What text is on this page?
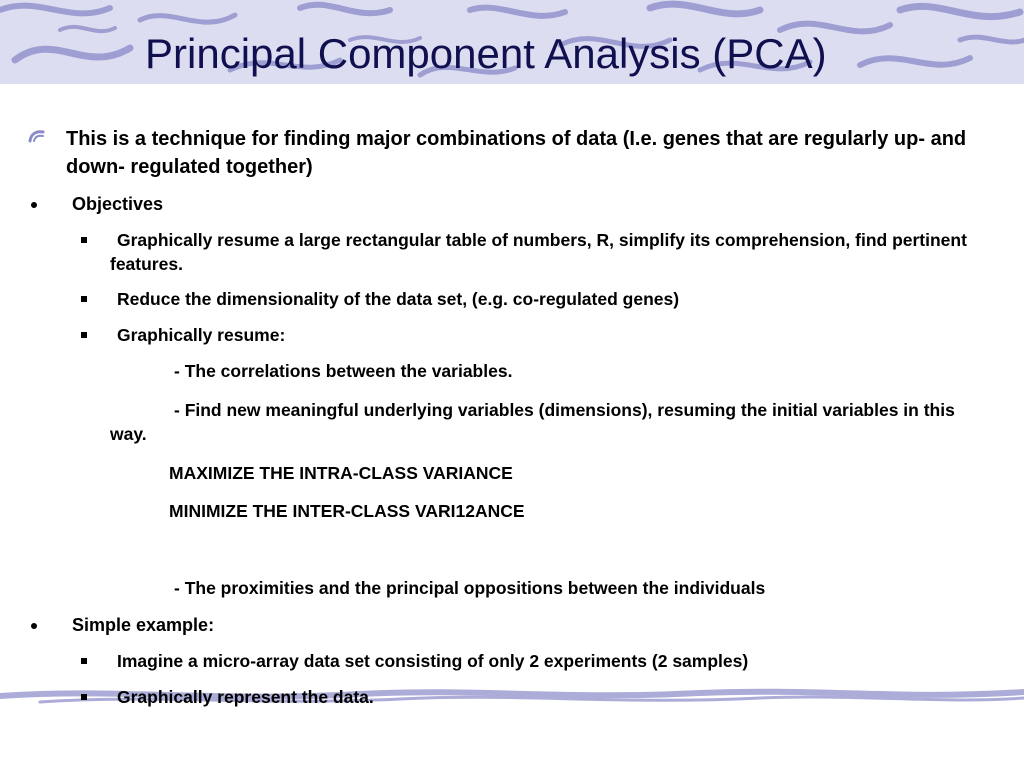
Principal Component Analysis (PCA)

This is a technique for finding major combinations of data (I.e. genes that are regularly up- and down- regulated together)

Objectives

Graphically resume a large rectangular table of numbers, R, simplify its comprehension, find pertinent features.

Reduce the dimensionality of the data set, (e.g. co-regulated genes)

Graphically resume:

- The correlations between the variables.

- Find new meaningful underlying variables (dimensions), resuming the initial variables in this way.

MAXIMIZE THE INTRA-CLASS VARIANCE

MINIMIZE THE INTER-CLASS VARI12ANCE

- The proximities and the principal oppositions between the individuals

Simple example:

Imagine a micro-array data set consisting of only 2 experiments (2 samples)

Graphically represent the data.
